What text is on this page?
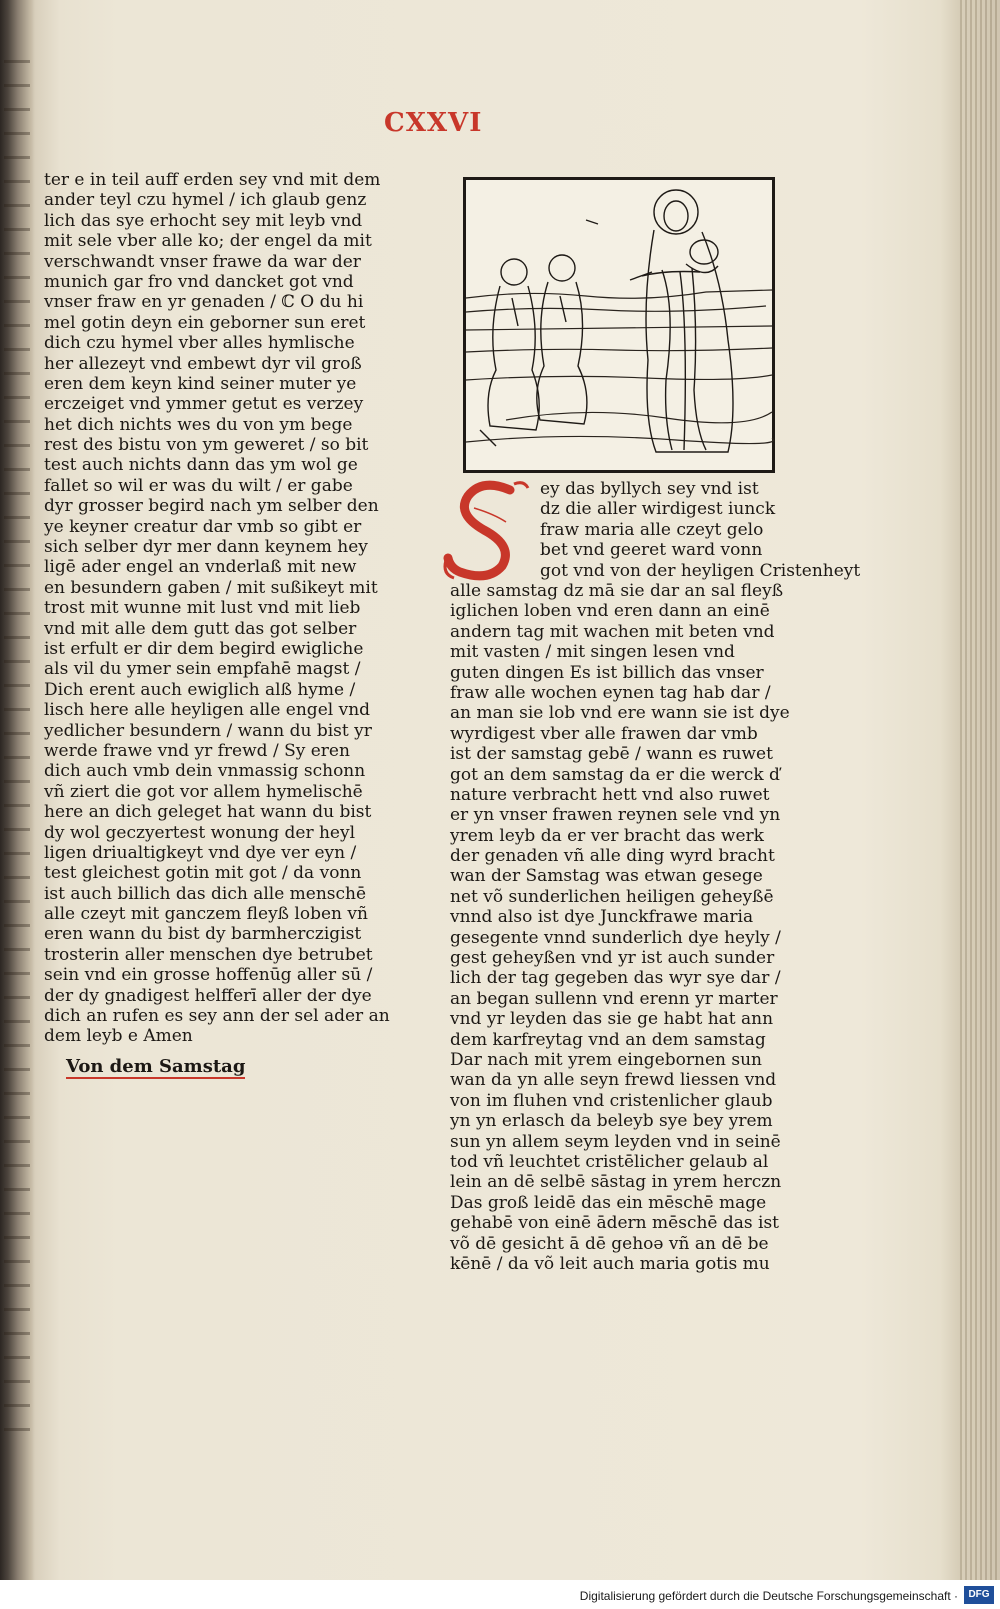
CXXVI
ter e in teil auff erden sey vnd mit dem
ander teyl czu hymel / ich glaub genz
lich das sye erhocht sey mit leyb vnd
mit sele vber alle ko; der engel da mit
verschwandt vnser frawe da war der
munich gar fro vnd dancket got vnd
vnser fraw en yr genaden / ℂ O du hi
mel gotin deyn ein geborner sun eret
dich czu hymel vber alles hymlische
her allezeyt vnd embewt dyr vil groß
eren dem keyn kind seiner muter ye
erczeiget vnd ymmer getut es verzey
het dich nichts wes du von ym bege
rest des bistu von ym geweret / so bit
test auch nichts dann das ym wol ge
fallet so wil er was du wilt / er gabe
dyr grosser begird nach ym selber den
ye keyner creatur dar vmb so gibt er
sich selber dyr mer dann keynem hey
ligē ader engel an vnderlaß mit new
en besundern gaben / mit sußikeyt mit
trost mit wunne mit lust vnd mit lieb
vnd mit alle dem gutt das got selber
ist erfult er dir dem begird ewigliche
als vil du ymer sein empfahē magst /
Dich erent auch ewiglich alß hyme /
lisch here alle heyligen alle engel vnd
yedlicher besundern / wann du bist yr
werde frawe vnd yr frewd / Sy eren
dich auch vmb dein vnmassig schonn
vñ ziert die got vor allem hymelischē
here an dich geleget hat wann du bist
dy wol geczyertest wonung der heyl
ligen driualtigkeyt vnd dye ver eyn /
test gleichest gotin mit got / da vonn
ist auch billich das dich alle menschē
alle czeyt mit ganczem fleyß loben vñ
eren wann du bist dy barmherczigist
trosterin aller menschen dye betrubet
sein vnd ein grosse hoffenūg aller sū /
der dy gnadigest helfferī aller der dye
dich an rufen es sey ann der sel ader an
dem leyb e Amen
Von dem Samstag
ey das byllych sey vnd ist
dz die aller wirdigest iunck
fraw maria alle czeyt gelo
bet vnd geeret ward vonn
got vnd von der heyligen Cristenheyt
alle samstag dz mā sie dar an sal fleyß
iglichen loben vnd eren dann an einē
andern tag mit wachen mit beten vnd
mit vasten / mit singen lesen vnd
guten dingen Es ist billich das vnser
fraw alle wochen eynen tag hab dar /
an man sie lob vnd ere wann sie ist dye
wyrdigest vber alle frawen dar vmb
ist der samstag gebē / wann es ruwet
got an dem samstag da er die werck ď
nature verbracht hett vnd also ruwet
er yn vnser frawen reynen sele vnd yn
yrem leyb da er ver bracht das werk
der genaden vñ alle ding wyrd bracht
wan der Samstag was etwan gesege
net võ sunderlichen heiligen geheyßē
vnnd also ist dye Junckfrawe maria
gesegente vnnd sunderlich dye heyly /
gest geheyßen vnd yr ist auch sunder
lich der tag gegeben das wyr sye dar /
an began sullenn vnd erenn yr marter
vnd yr leyden das sie ge habt hat ann
dem karfreytag vnd an dem samstag
Dar nach mit yrem eingebornen sun
wan da yn alle seyn frewd liessen vnd
von im fluhen vnd cristenlicher glaub
yn yn erlasch da beleyb sye bey yrem
sun yn allem seym leyden vnd in seinē
tod vñ leuchtet cristēlicher gelaub al
lein an dē selbē sāstag in yrem herczn
Das groß leidē das ein mēschē mage
gehabē von einē ādern mēschē das ist
võ dē gesicht ā dē gehoǝ vñ an dē be
kēnē / da võ leit auch maria gotis mu
Digitalisierung gefördert durch die Deutsche Forschungsgemeinschaft ·	DFG
